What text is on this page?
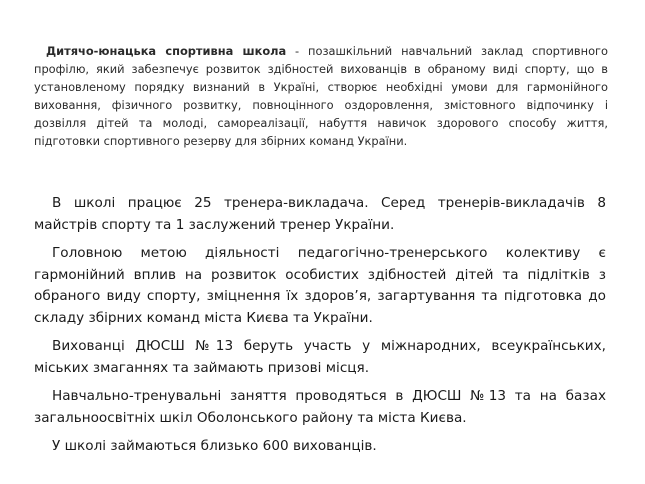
Дитячо-юнацька спортивна школа - позашкільний навчальний заклад спортивного профілю, який забезпечує розвиток здібностей вихованців в обраному виді спорту, що в установленому порядку визнаний в Україні, створює необхідні умови для гармонійного виховання, фізичного розвитку, повноцінного оздоровлення, змістовного відпочинку і дозвілля дітей та молоді, самореалізації, набуття навичок здорового способу життя, підготовки спортивного резерву для збірних команд України.

В школі працює 25 тренера-викладача. Серед тренерів-викладачів 8 майстрів спорту та 1 заслужений тренер України.

Головною метою діяльності педагогічно-тренерського колективу є гармонійний вплив на розвиток особистих здібностей дітей та підлітків з обраного виду спорту, зміцнення їх здоров’я, загартування та підготовка до складу збірних команд міста Києва та України.

Вихованці ДЮСШ №13 беруть участь у міжнародних, всеукраїнських, міських змаганнях та займають призові місця.

Навчально-тренувальні заняття проводяться в ДЮСШ №13 та на базах загальноосвітніх шкіл Оболонського району та міста Києва.

У школі займаються близько 600 вихованців.
